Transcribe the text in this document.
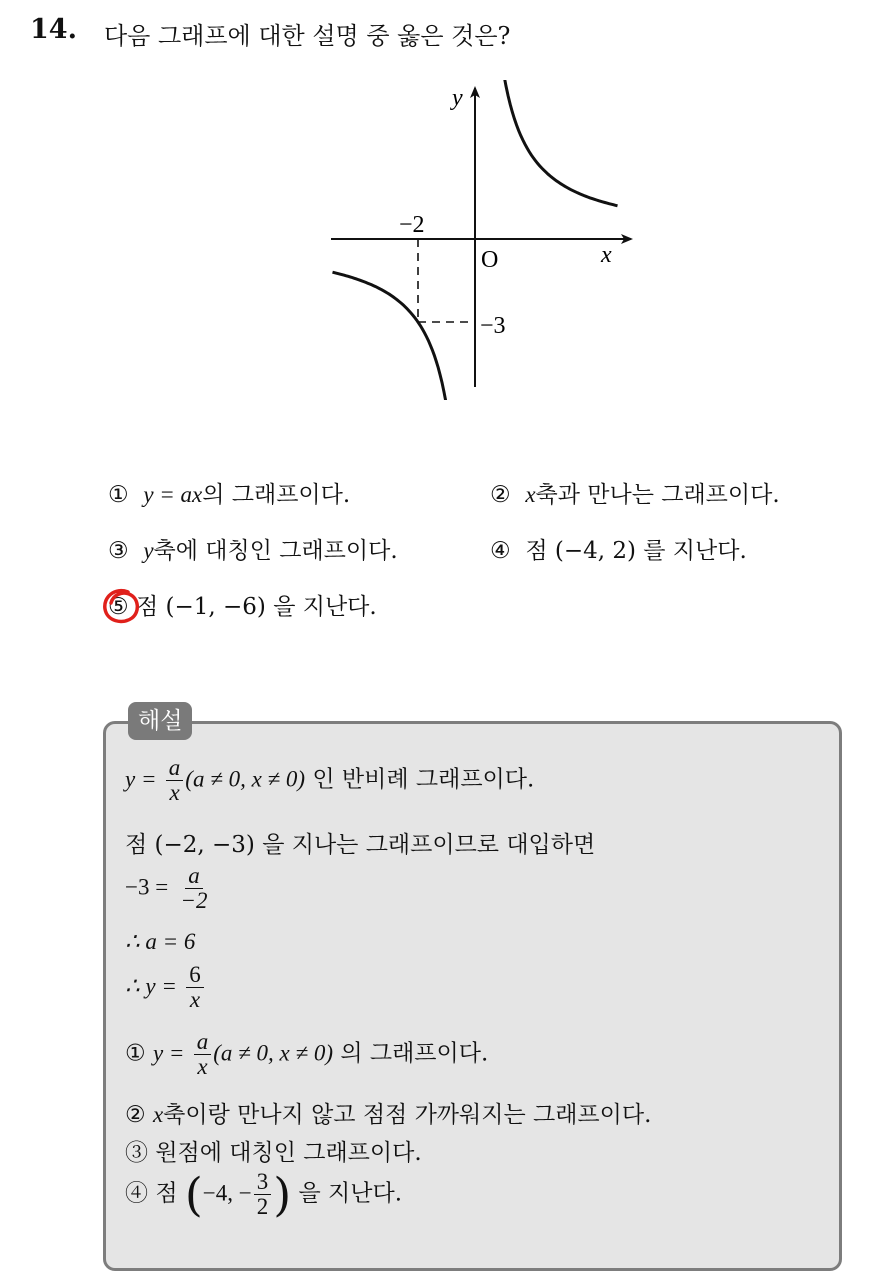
14. 다음 그래프에 대한 설명 중 옳은 것은?
y
x
O
−2
−3
① y = ax의 그래프이다.	② x축과 만나는 그래프이다.
③ y축에 대칭인 그래프이다.	④ 점 (−4, 2) 를 지난다.
⑤ 점 (−1, −6) 을 지난다.
해설
$y = \frac{a}{x} (a \ne 0$, x ≠ 0) 인 반비례 그래프이다.
점 (−2, −3) 을 지나는 그래프이므로 대입하면
$-3 = \frac{a}{-2}$
∴ a = 6
∴ $y = \frac{6}{x}$
① $y = \frac{a}{x} (a \ne 0$, x ≠ 0) 의 그래프이다.
② x축이랑 만나지 않고 점점 가까워지는 그래프이다.
③ 원점에 대칭인 그래프이다.
④ 점 (−4, − $\frac{3}{2}$ ) 을 지난다.
